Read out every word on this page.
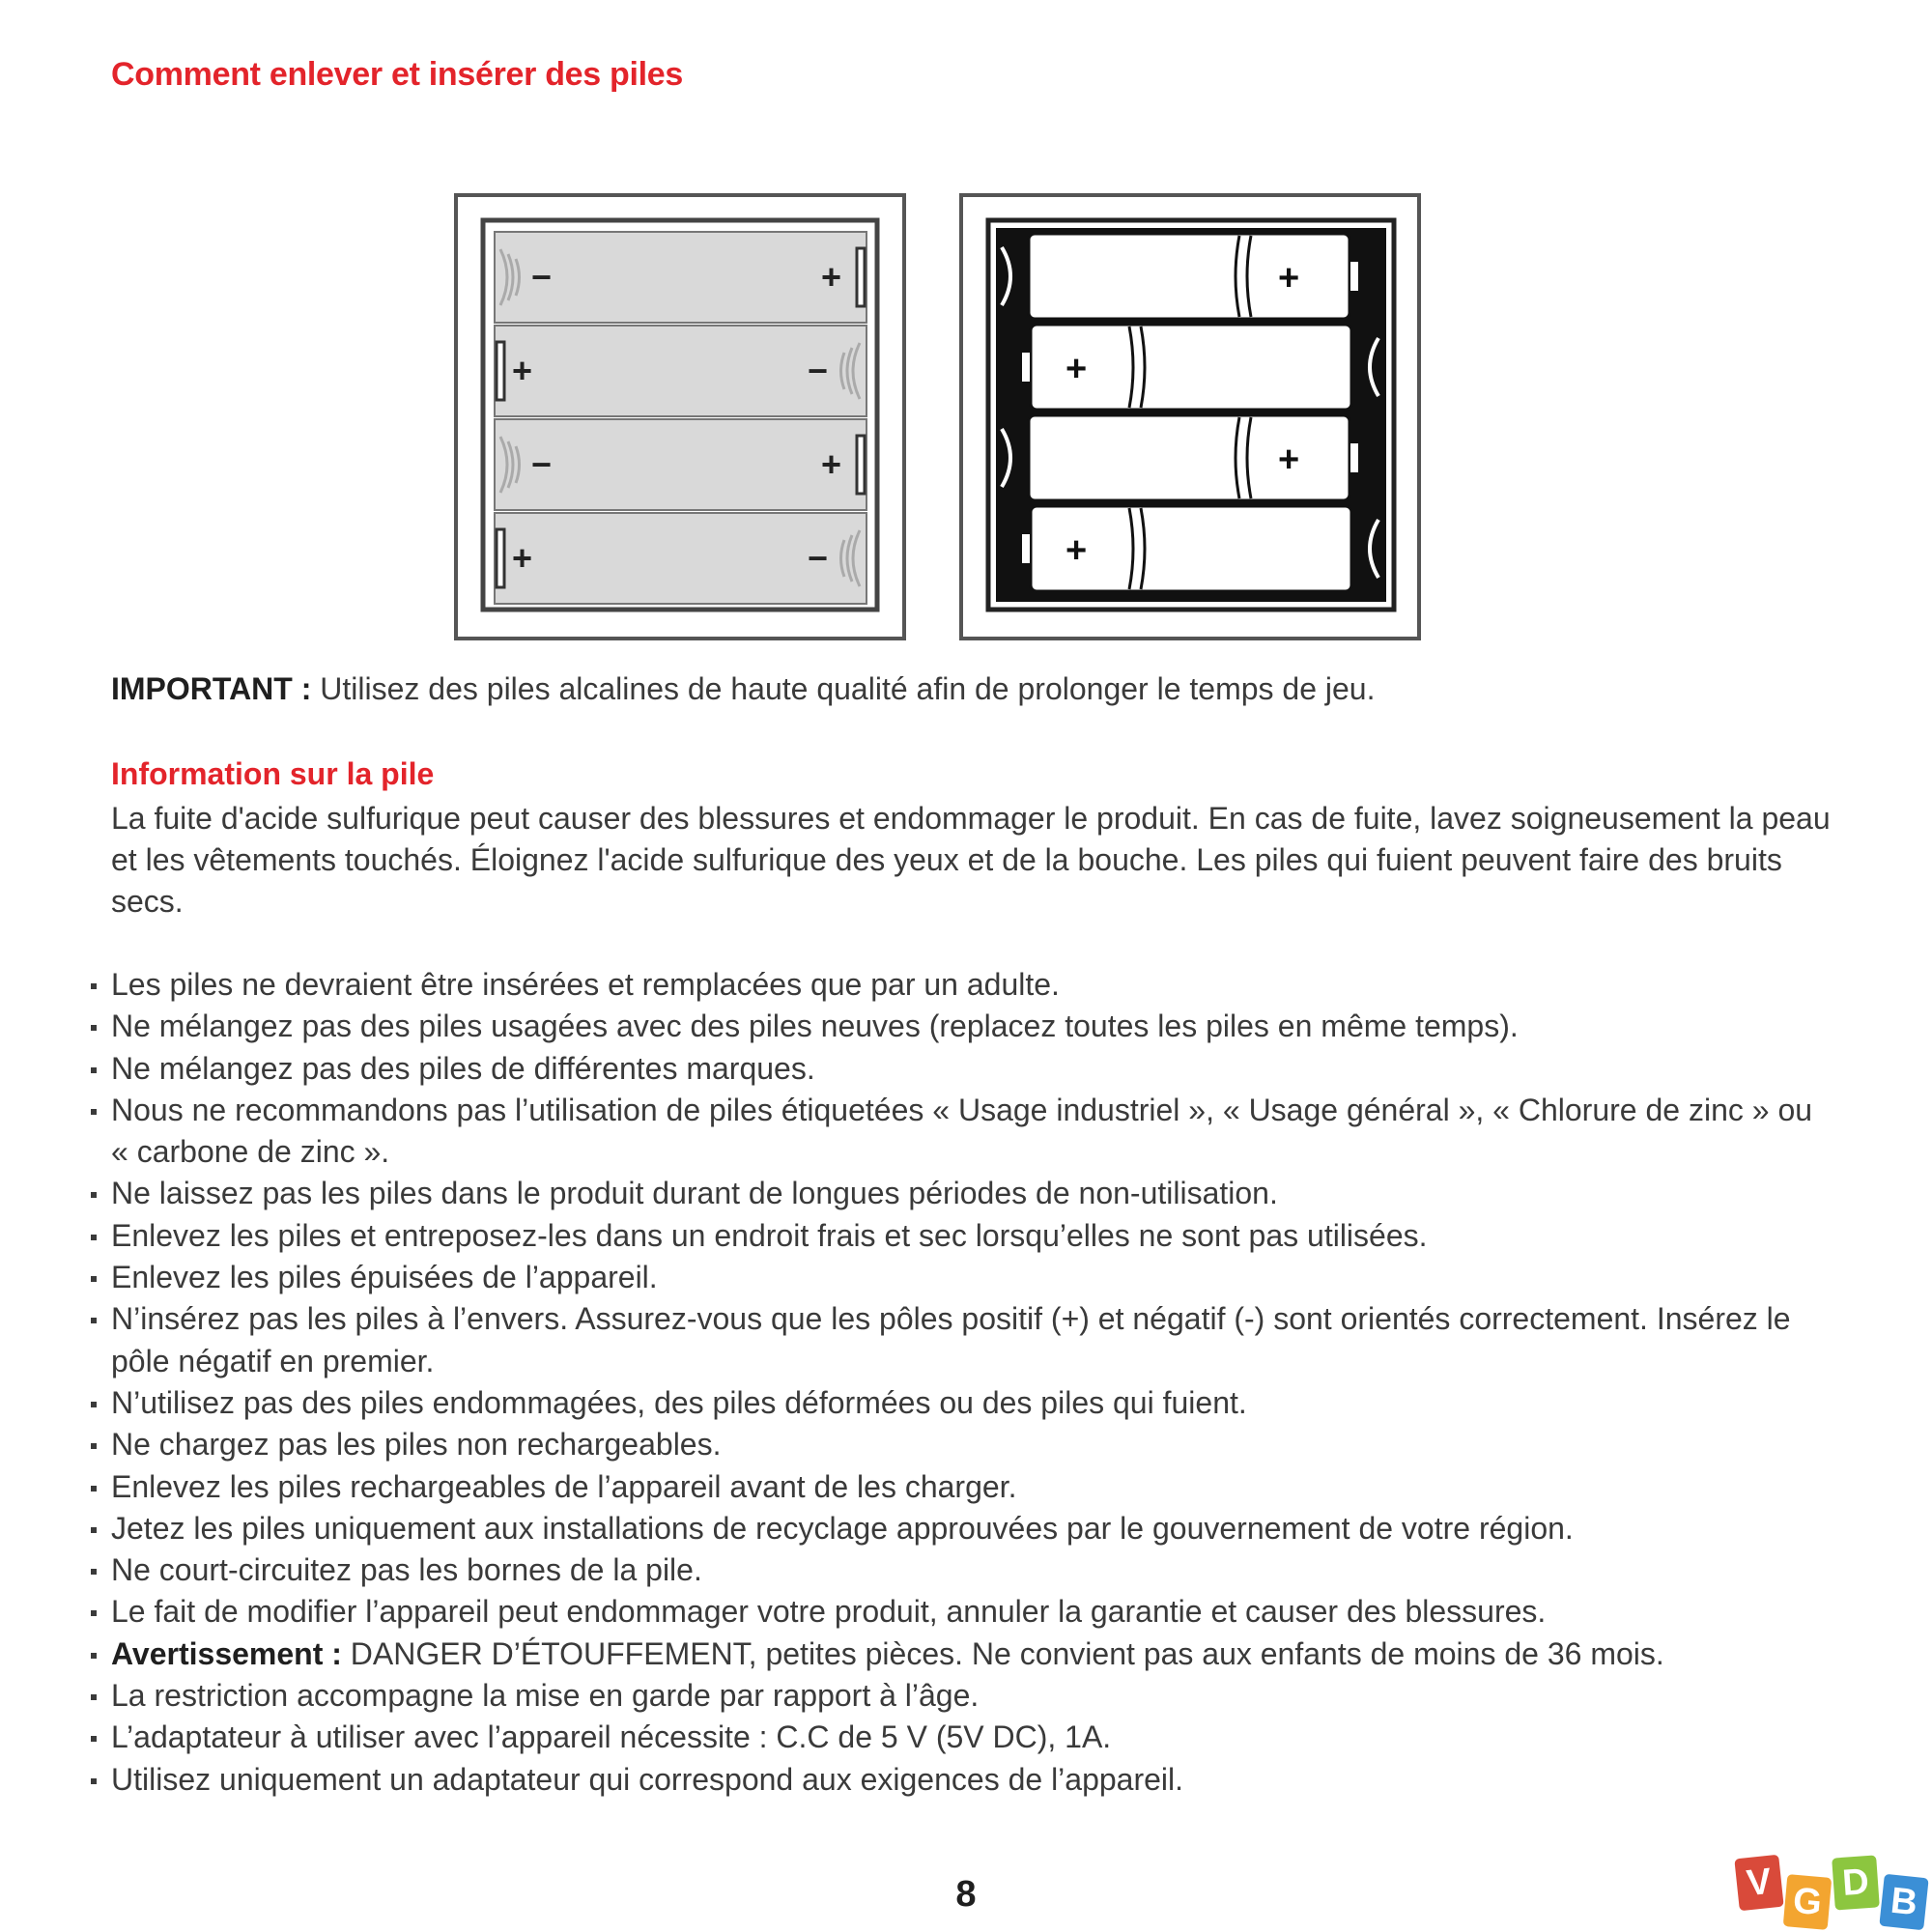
Comment enlever et insérer des piles
−	+
+	−
−	+
+	−
+
+
+
+

IMPORTANT : Utilisez des piles alcalines de haute qualité afin de prolonger le temps de jeu.

Information sur la pile

La fuite d'acide sulfurique peut causer des blessures et endommager le produit. En cas de fuite, lavez soigneusement la peau et les vêtements touchés. Éloignez l'acide sulfurique des yeux et de la bouche. Les piles qui fuient peuvent faire des bruits secs.

Les piles ne devraient être insérées et remplacées que par un adulte.
Ne mélangez pas des piles usagées avec des piles neuves (replacez toutes les piles en même temps).
Ne mélangez pas des piles de différentes marques.
Nous ne recommandons pas l’utilisation de piles étiquetées « Usage industriel », « Usage général », « Chlorure de zinc » ou « carbone de zinc ».
Ne laissez pas les piles dans le produit durant de longues périodes de non-utilisation.
Enlevez les piles et entreposez-les dans un endroit frais et sec lorsqu’elles ne sont pas utilisées.
Enlevez les piles épuisées de l’appareil.
N’insérez pas les piles à l’envers. Assurez-vous que les pôles positif (+) et négatif (-) sont orientés correctement. Insérez le pôle négatif en premier.
N’utilisez pas des piles endommagées, des piles déformées ou des piles qui fuient.
Ne chargez pas les piles non rechargeables.
Enlevez les piles rechargeables de l’appareil avant de les charger.
Jetez les piles uniquement aux installations de recyclage approuvées par le gouvernement de votre région.
Ne court-circuitez pas les bornes de la pile.
Le fait de modifier l’appareil peut endommager votre produit, annuler la garantie et causer des blessures.
Avertissement : DANGER D’ÉTOUFFEMENT, petites pièces. Ne convient pas aux enfants de moins de 36 mois.
La restriction accompagne la mise en garde par rapport à l’âge.
L’adaptateur à utiliser avec l’appareil nécessite : C.C de 5 V (5V DC), 1A.
Utilisez uniquement un adaptateur qui correspond aux exigences de l’appareil.
8	V G D B
